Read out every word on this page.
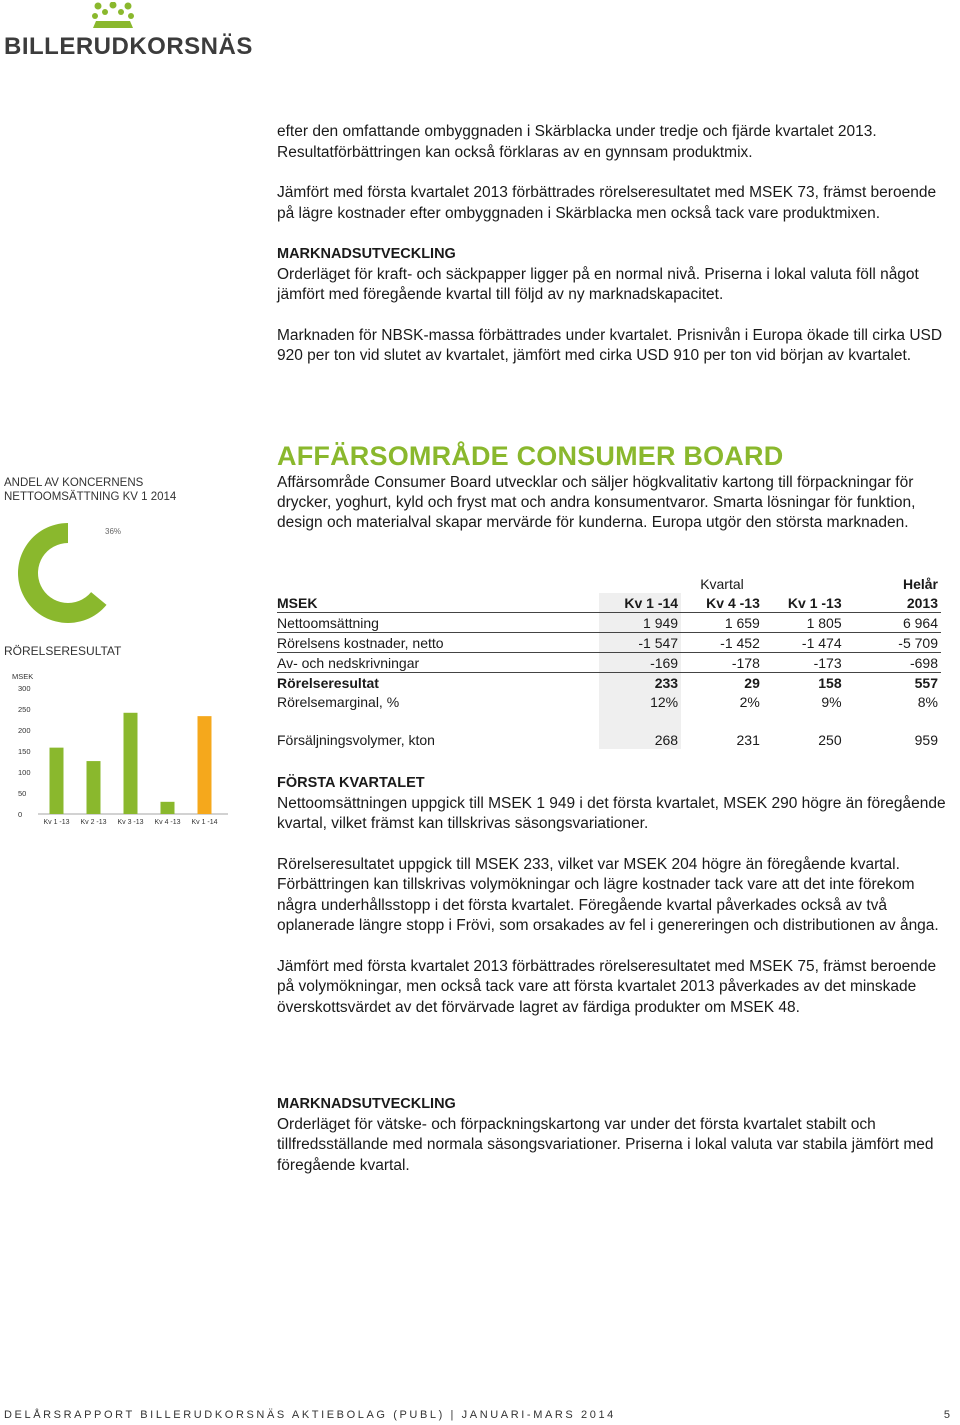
BILLERUDKORSNÄS

efter den omfattande ombyggnaden i Skärblacka under tredje och fjärde kvartalet 2013. Resultatförbättringen kan också förklaras av en gynnsam produktmix.

Jämfört med första kvartalet 2013 förbättrades rörelseresultatet med MSEK 73, främst beroende på lägre kostnader efter ombyggnaden i Skärblacka men också tack vare produktmixen.

MARKNADSUTVECKLING
Orderläget för kraft- och säckpapper ligger på en normal nivå. Priserna i lokal valuta föll något jämfört med föregående kvartal till följd av ny marknadskapacitet.

Marknaden för NBSK-massa förbättrades under kvartalet. Prisnivån i Europa ökade till cirka USD 920 per ton vid slutet av kvartalet, jämfört med cirka USD 910 per ton vid början av kvartalet.

AFFÄRSOMRÅDE CONSUMER BOARD
Affärsområde Consumer Board utvecklar och säljer högkvalitativ kartong till förpackningar för drycker, yoghurt, kyld och fryst mat och andra konsumentvaror. Smarta lösningar för funktion, design och materialval skapar mervärde för kunderna. Europa utgör den största marknaden.
ANDEL AV KONCERNENS
NETTOOMSÄTTNING KV 1 2014
36%
RÖRELSERESULTAT
MSEK
0
50
100
150
200
250
300
Kv 1 -13 Kv 2 -13 Kv 3 -13 Kv 4 -13 Kv 1 -14
	Kvartal			Helår
MSEK	Kv 1 -14	Kv 4 -13	Kv 1 -13	2013
Nettoomsättning	1 949	1 659	1 805	6 964
Rörelsens kostnader, netto	-1 547	-1 452	-1 474	-5 709
Av- och nedskrivningar	-169	-178	-173	-698
Rörelseresultat	233	29	158	557
Rörelsemarginal, %	12%	2%	9%	8%

Försäljningsvolymer, kton	268	231	250	959
FÖRSTA KVARTALET

Nettoomsättningen uppgick till MSEK 1 949 i det första kvartalet, MSEK 290 högre än föregående kvartal, vilket främst kan tillskrivas säsongsvariationer.

Rörelseresultatet uppgick till MSEK 233, vilket var MSEK 204 högre än föregående kvartal. Förbättringen kan tillskrivas volymökningar och lägre kostnader tack vare att det inte förekom några underhållsstopp i det första kvartalet. Föregående kvartal påverkades också av två oplanerade längre stopp i Frövi, som orsakades av fel i genereringen och distributionen av ånga.

Jämfört med första kvartalet 2013 förbättrades rörelseresultatet med MSEK 75, främst beroende på volymökningar, men också tack vare att första kvartalet 2013 påverkades av det minskade överskottsvärdet av det förvärvade lagret av färdiga produkter om MSEK 48.

MARKNADSUTVECKLING
Orderläget för vätske- och förpackningskartong var under det första kvartalet stabilt och tillfredsställande med normala säsongsvariationer. Priserna i lokal valuta var stabila jämfört med föregående kvartal.
DELÅRSRAPPORT BILLERUDKORSNÄS AKTIEBOLAG (PUBL) | JANUARI-MARS 2014	5
